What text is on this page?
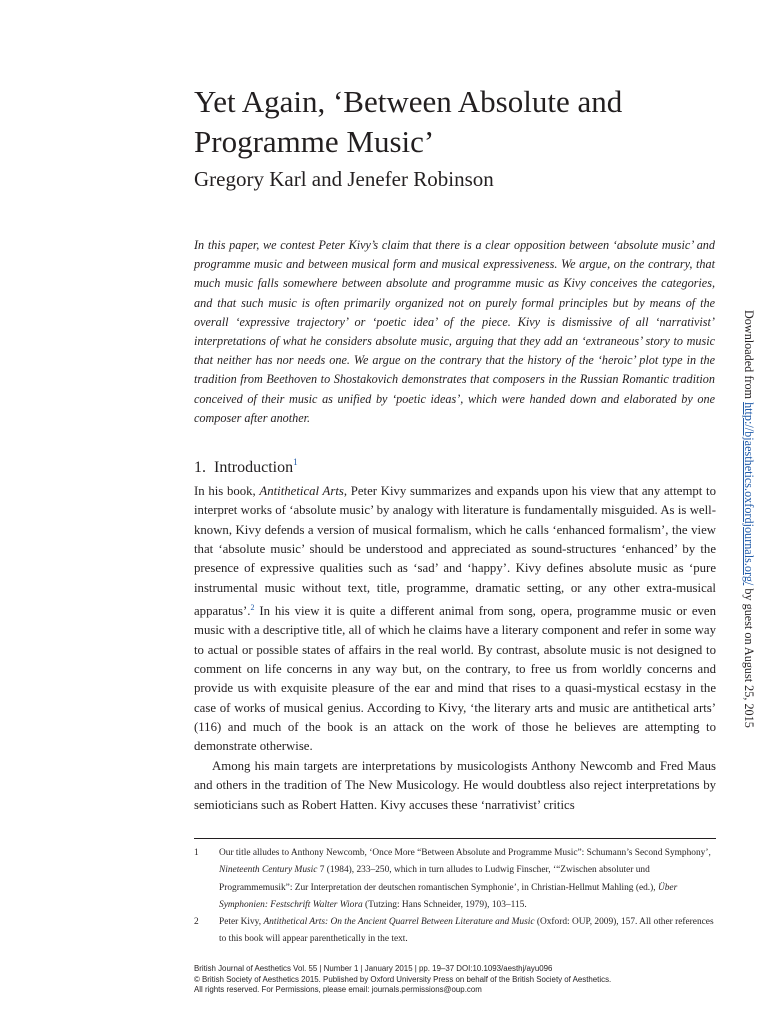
Yet Again, ‘Between Absolute and
Programme Music’
Gregory Karl and Jenefer Robinson

In this paper, we contest Peter Kivy’s claim that there is a clear opposition between ‘absolute music’ and programme music and between musical form and musical expressiveness. We argue, on the contrary, that much music falls somewhere between absolute and programme music as Kivy conceives the categories, and that such music is often primarily organized not on purely formal principles but by means of the overall ‘expressive trajectory’ or ‘poetic idea’ of the piece. Kivy is dismissive of all ‘narrativist’ interpretations of what he considers absolute music, arguing that they add an ‘extraneous’ story to music that neither has nor needs one. We argue on the contrary that the history of the ‘heroic’ plot type in the tradition from Beethoven to Shostakovich demonstrates that composers in the Russian Romantic tradition conceived of their music as unified by ‘poetic ideas’, which were handed down and elaborated by one composer after another.

1. Introduction$^1$

In his book, Antithetical Arts, Peter Kivy summarizes and expands upon his view that any attempt to interpret works of ‘absolute music’ by analogy with literature is fundamentally misguided. As is well-known, Kivy defends a version of musical formalism, which he calls ‘enhanced formalism’, the view that ‘absolute music’ should be understood and appreciated as sound-structures ‘enhanced’ by the presence of expressive qualities such as ‘sad’ and ‘happy’. Kivy defines absolute music as ‘pure instrumental music without text, title, programme, dramatic setting, or any other extra-musical apparatus’.$^2$ In his view it is quite a different animal from song, opera, programme music or even music with a descriptive title, all of which he claims have a literary component and refer in some way to actual or possible states of affairs in the real world. By contrast, absolute music is not designed to comment on life concerns in any way but, on the contrary, to free us from worldly concerns and provide us with exquisite pleasure of the ear and mind that rises to a quasi-mystical ecstasy in the case of works of musical genius. According to Kivy, ‘the literary arts and music are antithetical arts’ (116) and much of the book is an attack on the work of those he believes are attempting to demonstrate otherwise.

Among his main targets are interpretations by musicologists Anthony Newcomb and Fred Maus and others in the tradition of The New Musicology. He would doubtless also reject interpretations by semioticians such as Robert Hatten. Kivy accuses these ‘narrativist’ critics

1	Our title alludes to Anthony Newcomb, ‘Once More “Between Absolute and Programme Music”: Schumann’s Second Symphony’, Nineteenth Century Music 7 (1984), 233–250, which in turn alludes to Ludwig Finscher, ‘“Zwischen absoluter und Programmemusik”: Zur Interpretation der deutschen romantischen Symphonie’, in Christian-Hellmut Mahling (ed.), Über Symphonien: Festschrift Walter Wiora (Tutzing: Hans Schneider, 1979), 103–115.
2	Peter Kivy, Antithetical Arts: On the Ancient Quarrel Between Literature and Music (Oxford: OUP, 2009), 157. All other references to this book will appear parenthetically in the text.
British Journal of Aesthetics Vol. 55 | Number 1 | January 2015 | pp. 19–37 DOI:10.1093/aesthj/ayu096
© British Society of Aesthetics 2015. Published by Oxford University Press on behalf of the British Society of Aesthetics.
All rights reserved. For Permissions, please email: journals.permissions@oup.com
Downloaded from http://bjaesthetics.oxfordjournals.org/ by guest on August 25, 2015
